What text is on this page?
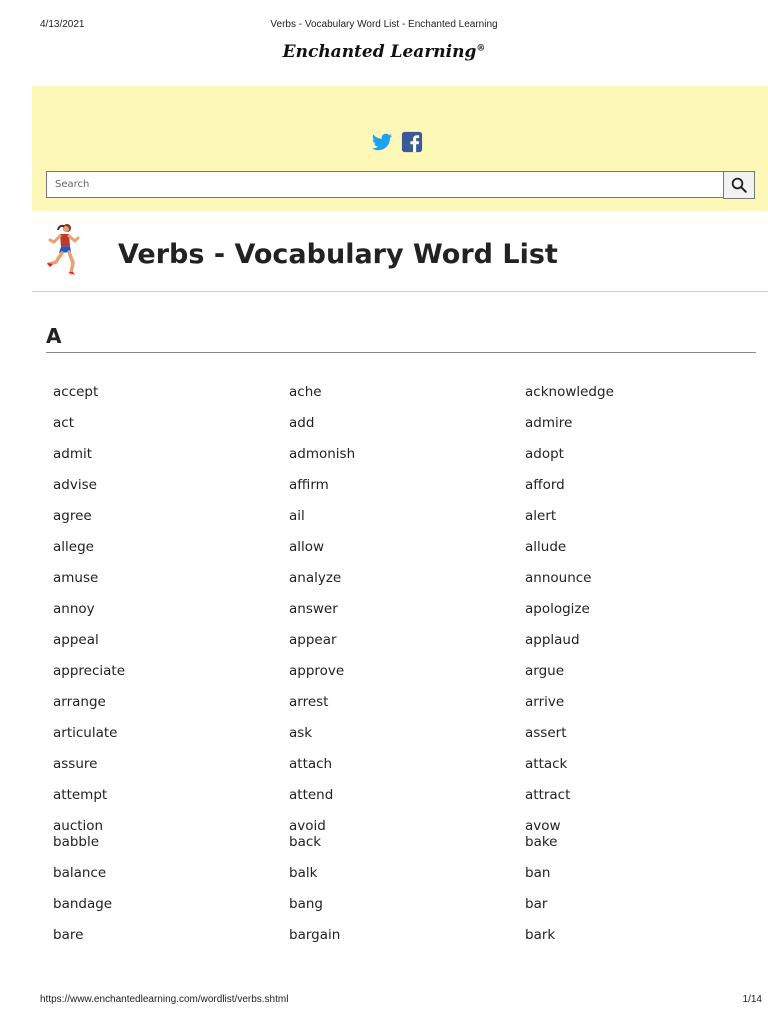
4/13/2021	Verbs - Vocabulary Word List - Enchanted Learning
Enchanted Learning®
Search
Verbs - Vocabulary Word List
A
accept	ache	acknowledge
act	add	admire
admit	admonish	adopt
advise	affirm	afford
agree	ail	alert
allege	allow	allude
amuse	analyze	announce
annoy	answer	apologize
appeal	appear	applaud
appreciate	approve	argue
arrange	arrest	arrive
articulate	ask	assert
assure	attach	attack
attempt	attend	attract
auction	avoid	avow
babble	back	bake
balance	balk	ban
bandage	bang	bar
bare	bargain	bark
https://www.enchantedlearning.com/wordlist/verbs.shtml	1/14
